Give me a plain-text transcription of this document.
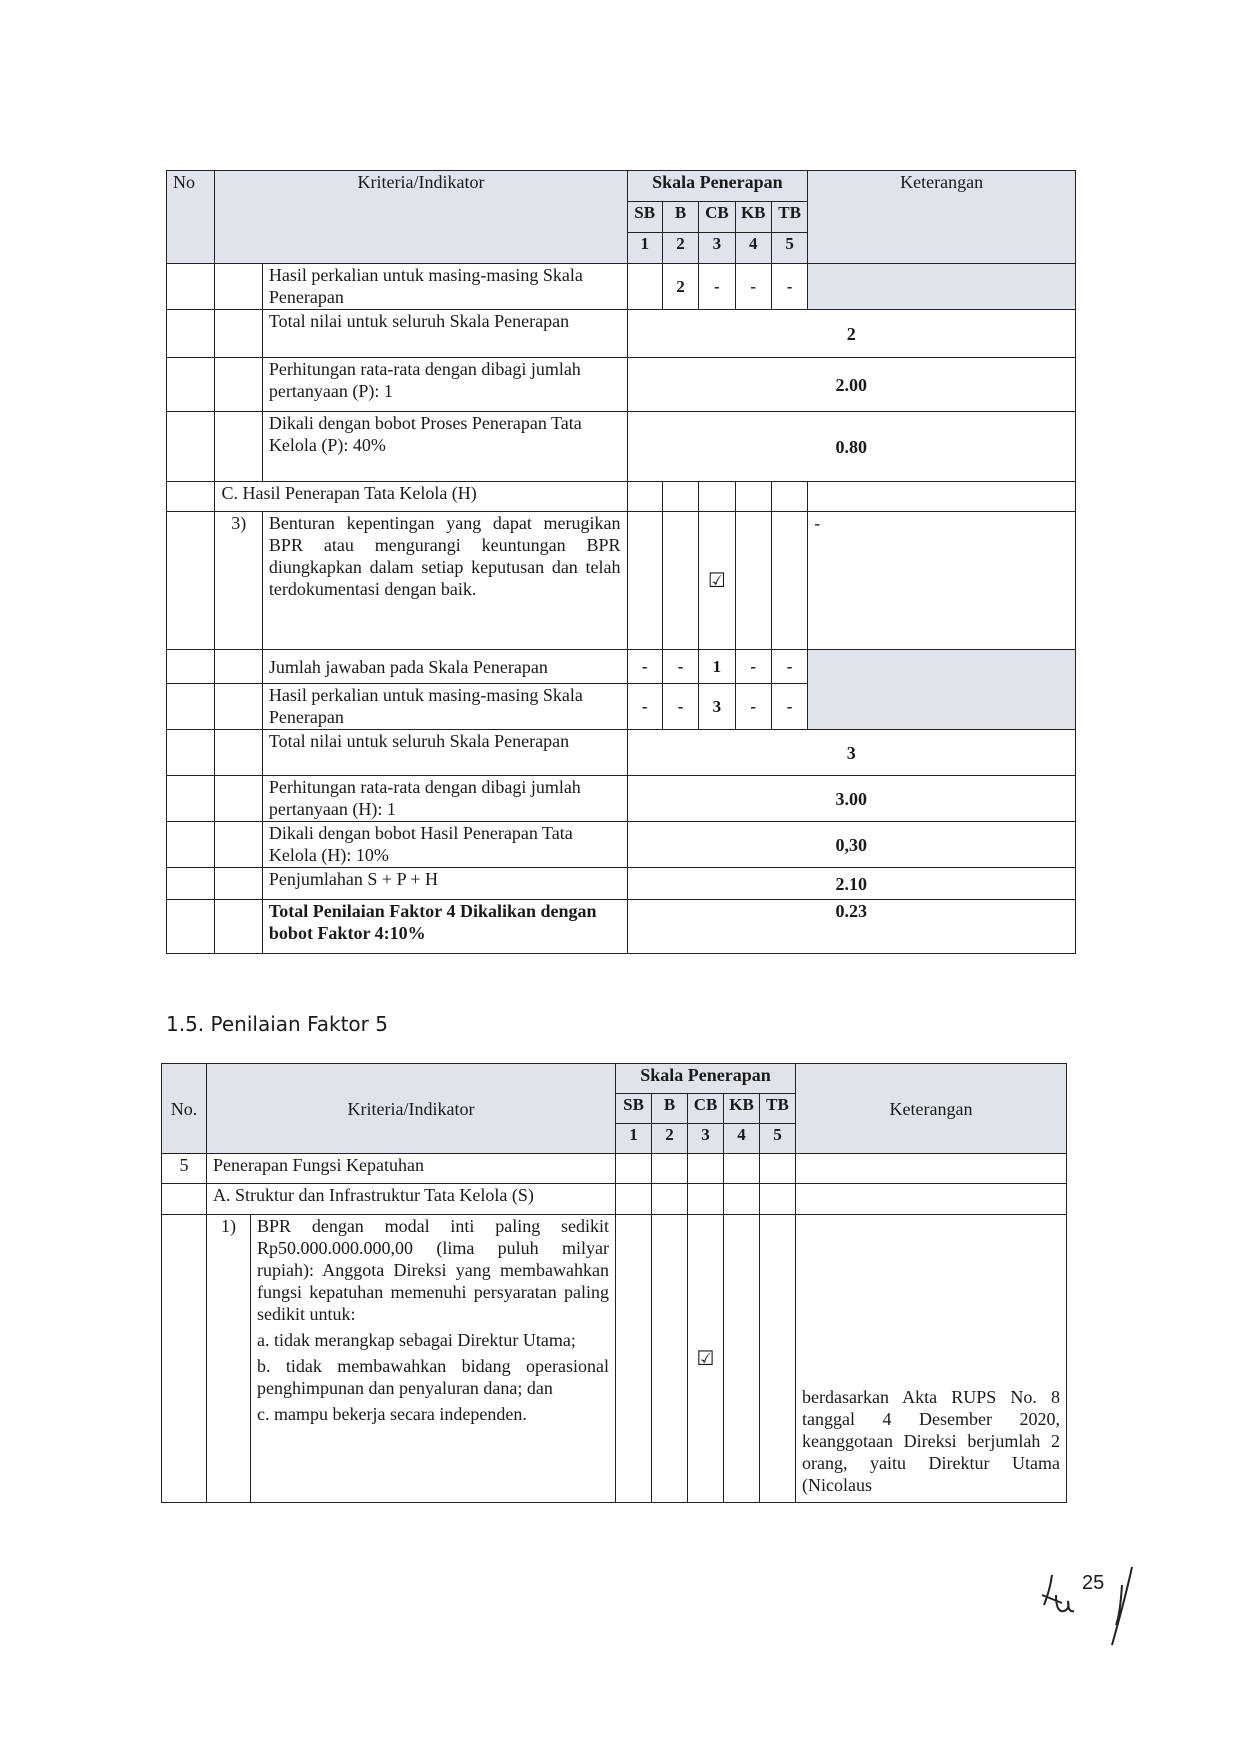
No	Kriteria/Indikator		Skala Penerapan					Keterangan
			SB	B	CB	KB	TB	
			1	2	3	4	5	
		Hasil perkalian untuk masing-masing Skala Penerapan		2	-	-	-	
		Total nilai untuk seluruh Skala Penerapan	2					
		Perhitungan rata-rata dengan dibagi jumlah pertanyaan (P): 1	2.00					
		Dikali dengan bobot Proses Penerapan Tata Kelola (P): 40%	0.80					
	C. Hasil Penerapan Tata Kelola (H)							
	3)	Benturan kepentingan yang dapat merugikan BPR atau mengurangi keuntungan BPR diungkapkan dalam setiap keputusan dan telah terdokumentasi dengan baik.			☑			-
		Jumlah jawaban pada Skala Penerapan	-	-	1	-	-	
		Hasil perkalian untuk masing-masing Skala Penerapan	-	-	3	-	-	
		Total nilai untuk seluruh Skala Penerapan	3					
		Perhitungan rata-rata dengan dibagi jumlah pertanyaan (H): 1	3.00					
		Dikali dengan bobot Hasil Penerapan Tata Kelola (H): 10%	0,30					
		Penjumlahan S + P + H	2.10					
		Total Penilaian Faktor 4 Dikalikan dengan bobot Faktor 4:10%	0.23					
1.5. Penilaian Faktor 5
No.	Kriteria/Indikator		Skala Penerapan					Keterangan
			SB	B	CB	KB	TB	
			1	2	3	4	5	
5	Penerapan Fungsi Kepatuhan							
	A. Struktur dan Infrastruktur Tata Kelola (S)							
	1)	BPR dengan modal inti paling sedikit Rp50.000.000.000,00 (lima puluh milyar rupiah): Anggota Direksi yang membawahkan fungsi kepatuhan memenuhi persyaratan paling sedikit untuk:
a. tidak merangkap sebagai Direktur Utama;
b. tidak membawahkan bidang operasional penghimpunan dan penyaluran dana; dan
c. mampu bekerja secara independen.			☑			berdasarkan Akta RUPS No. 8 tanggal 4 Desember 2020, keanggotaan Direksi berjumlah 2 orang, yaitu Direktur Utama (Nicolaus
25
